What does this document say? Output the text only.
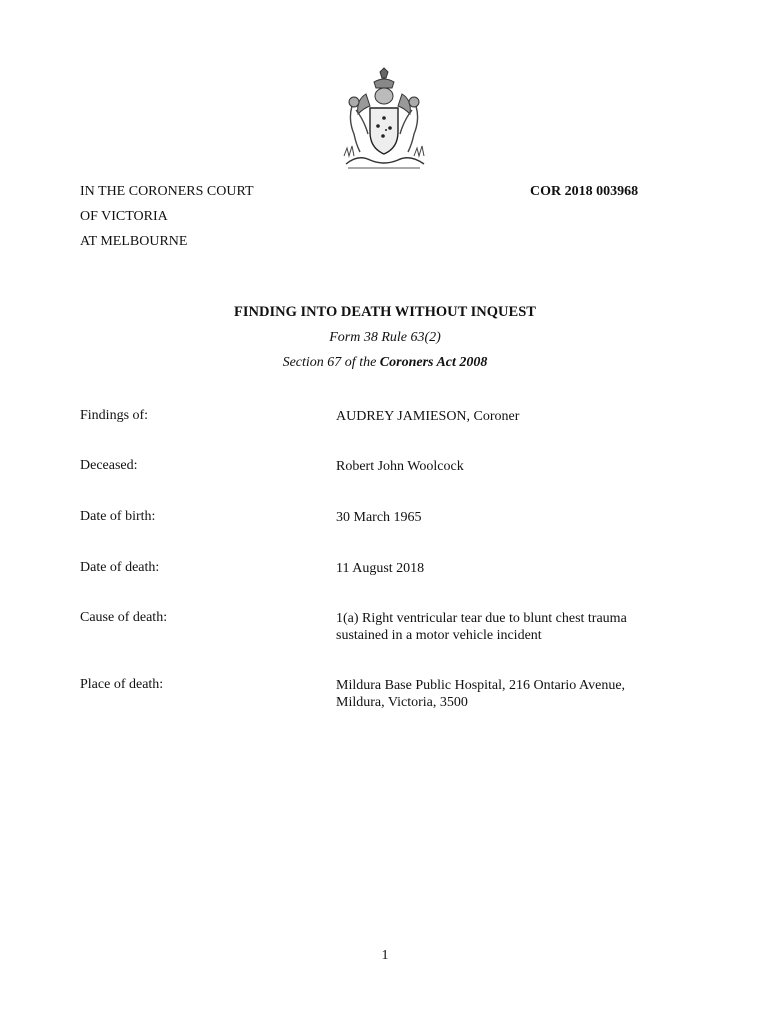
IN THE CORONERS COURT
OF VICTORIA
AT MELBOURNE
COR 2018 003968
FINDING INTO DEATH WITHOUT INQUEST
Form 38 Rule 63(2)
Section 67 of the Coroners Act 2008
Findings of:	AUDREY JAMIESON, Coroner
Deceased:	Robert John Woolcock
Date of birth:	30 March 1965
Date of death:	11 August 2018
Cause of death:	1(a) Right ventricular tear due to blunt chest trauma sustained in a motor vehicle incident
Place of death:	Mildura Base Public Hospital, 216 Ontario Avenue, Mildura, Victoria, 3500
1
